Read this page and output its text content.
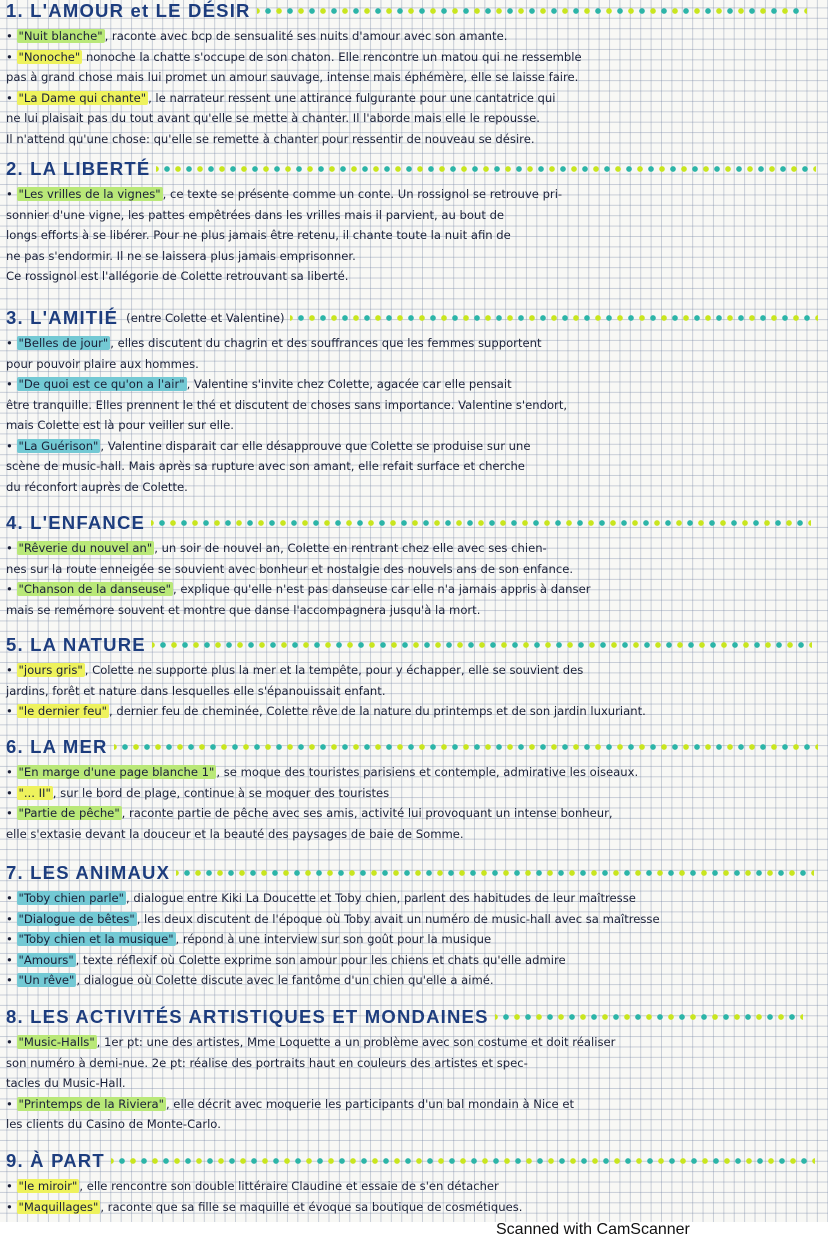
1. L'AMOUR et LE DÉSIR
• "Nuit blanche" , raconte avec bcp de sensualité ses nuits d'amour avec son amante.
• "Nonoche" nonoche la chatte s'occupe de son chaton. Elle rencontre un matou qui ne ressemble
pas à grand chose mais lui promet un amour sauvage, intense mais éphémère, elle se laisse faire.
• "La Dame qui chante" , le narrateur ressent une attirance fulgurante pour une cantatrice qui
ne lui plaisait pas du tout avant qu'elle se mette à chanter. Il l'aborde mais elle le repousse.
Il n'attend qu'une chose: qu'elle se remette à chanter pour ressentir de nouveau se désire.
2. LA LIBERTÉ
• "Les vrilles de la vignes" , ce texte se présente comme un conte. Un rossignol se retrouve pri-
sonnier d'une vigne, les pattes empêtrées dans les vrilles mais il parvient, au bout de
longs efforts à se libérer. Pour ne plus jamais être retenu, il chante toute la nuit afin de
ne pas s'endormir. Il ne se laissera plus jamais emprisonner.
Ce rossignol est l'allégorie de Colette retrouvant sa liberté.
3. L'AMITIÉ (entre Colette et Valentine)
• "Belles de jour" , elles discutent du chagrin et des souffrances que les femmes supportent
pour pouvoir plaire aux hommes.
• "De quoi est ce qu'on a l'air" , Valentine s'invite chez Colette, agacée car elle pensait
être tranquille. Elles prennent le thé et discutent de choses sans importance. Valentine s'endort,
mais Colette est là pour veiller sur elle.
• "La Guérison" , Valentine disparait car elle désapprouve que Colette se produise sur une
scène de music-hall. Mais après sa rupture avec son amant, elle refait surface et cherche
du réconfort auprès de Colette.
4. L'ENFANCE
• "Rêverie du nouvel an" , un soir de nouvel an, Colette en rentrant chez elle avec ses chien-
nes sur la route enneigée se souvient avec bonheur et nostalgie des nouvels ans de son enfance.
• "Chanson de la danseuse" , explique qu'elle n'est pas danseuse car elle n'a jamais appris à danser
mais se remémore souvent et montre que danse l'accompagnera jusqu'à la mort.
5. LA NATURE
• "jours gris" , Colette ne supporte plus la mer et la tempête, pour y échapper, elle se souvient des
jardins, forêt et nature dans lesquelles elle s'épanouissait enfant.
• "le dernier feu" , dernier feu de cheminée, Colette rêve de la nature du printemps et de son jardin luxuriant.
6. LA MER
• "En marge d'une page blanche 1" , se moque des touristes parisiens et contemple, admirative les oiseaux.
• "... II" , sur le bord de plage, continue à se moquer des touristes
• "Partie de pêche" , raconte partie de pêche avec ses amis, activité lui provoquant un intense bonheur,
elle s'extasie devant la douceur et la beauté des paysages de baie de Somme.
7. LES ANIMAUX
• "Toby chien parle" , dialogue entre Kiki La Doucette et Toby chien, parlent des habitudes de leur maîtresse
• "Dialogue de bêtes" , les deux discutent de l'époque où Toby avait un numéro de music-hall avec sa maîtresse
• "Toby chien et la musique" , répond à une interview sur son goût pour la musique
• "Amours" , texte réflexif où Colette exprime son amour pour les chiens et chats qu'elle admire
• "Un rêve" , dialogue où Colette discute avec le fantôme d'un chien qu'elle a aimé.
8. LES ACTIVITÉS ARTISTIQUES ET MONDAINES
• "Music-Halls" , 1er pt: une des artistes, Mme Loquette a un problème avec son costume et doit réaliser
son numéro à demi-nue. 2e pt: réalise des portraits haut en couleurs des artistes et spec-
tacles du Music-Hall.
• "Printemps de la Riviera" , elle décrit avec moquerie les participants d'un bal mondain à Nice et
les clients du Casino de Monte-Carlo.
9. À PART
• "le miroir" , elle rencontre son double littéraire Claudine et essaie de s'en détacher
• "Maquillages" , raconte que sa fille se maquille et évoque sa boutique de cosmétiques.
Scanned with CamScanner
